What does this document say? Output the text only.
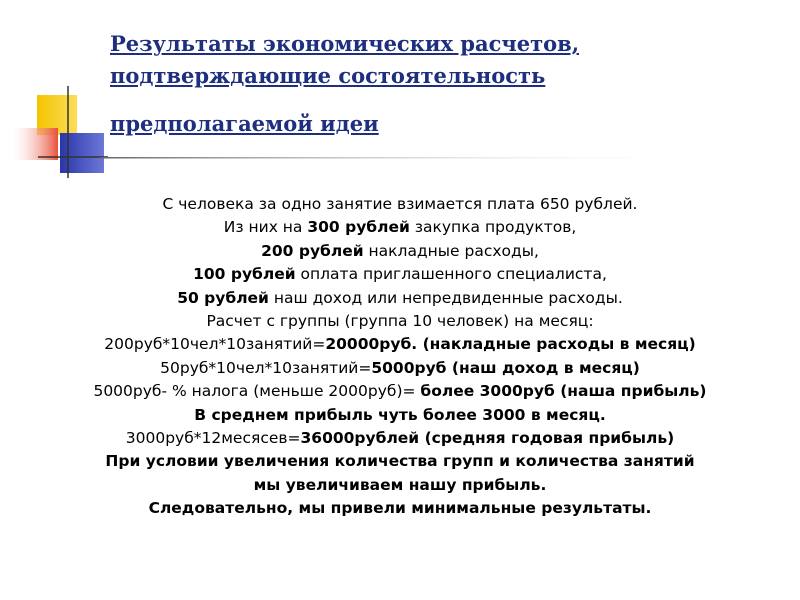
Результаты экономических расчетов,
подтверждающие состоятельность
предполагаемой идеи
С человека за одно занятие взимается плата 650 рублей.
Из них на 300 рублей закупка продуктов,
200 рублей накладные расходы,
100 рублей оплата приглашенного специалиста,
50 рублей наш доход или непредвиденные расходы.
Расчет с группы (группа 10 человек) на месяц:
200руб*10чел*10занятий=20000руб. (накладные расходы в месяц)
50руб*10чел*10занятий=5000руб (наш доход в месяц)
5000руб- % налога (меньше 2000руб)= более 3000руб (наша прибыль)
В среднем прибыль чуть более 3000 в месяц.
3000руб*12месясев=36000рублей (средняя годовая прибыль)
При условии увеличения количества групп и количества занятий
мы увеличиваем нашу прибыль.
Следовательно, мы привели минимальные результаты.
